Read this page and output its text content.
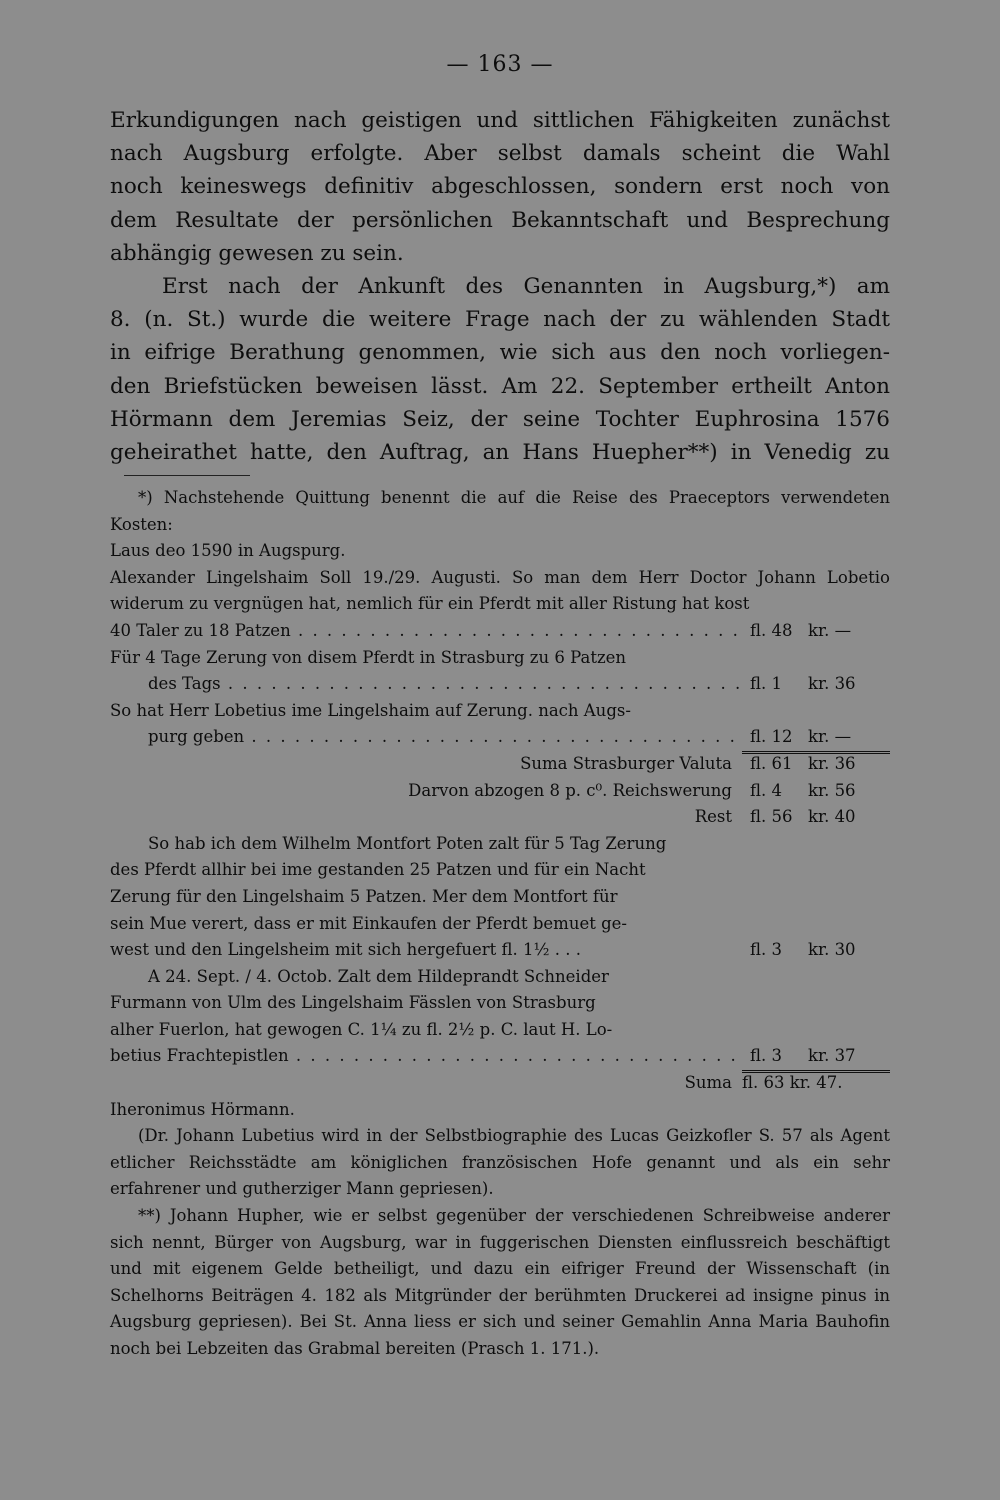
— 163 —

Erkundigungen nach geistigen und sittlichen Fähigkeiten zunächst
nach Augsburg erfolgte. Aber selbst damals scheint die Wahl
noch keineswegs definitiv abgeschlossen, sondern erst noch von
dem Resultate der persönlichen Bekanntschaft und Besprechung
abhängig gewesen zu sein.

Erst nach der Ankunft des Genannten in Augsburg,*) am
8. (n. St.) wurde die weitere Frage nach der zu wählenden Stadt
in eifrige Berathung genommen, wie sich aus den noch vorliegen-
den Briefstücken beweisen lässt. Am 22. September ertheilt Anton
Hörmann dem Jeremias Seiz, der seine Tochter Euphrosina 1576
geheirathet hatte, den Auftrag, an Hans Huepher**) in Venedig zu

*) Nachstehende Quittung benennt die auf die Reise des Praeceptors verwendeten Kosten:

Laus deo 1590 in Augspurg.

Alexander Lingelshaim Soll 19./29. Augusti. So man dem Herr Doctor Johann Lobetio widerum zu vergnügen hat, nemlich für ein Pferdt mit aller Ristung hat kost

40 Taler zu 18 Patzen . . .	fl. 48 kr. —
Für 4 Tage Zerung von disem Pferdt in Strasburg zu 6 Patzen
des Tags . . .	fl. 1	kr. 36
So hat Herr Lobetius ime Lingelshaim auf Zerung. nach Augs-
purg geben . . .	fl. 12 kr. —
Suma Strasburger Valuta	fl. 61 kr. 36
Darvon abzogen 8 p. c⁰. Reichswerung	fl. 4	kr. 56
Rest	fl. 56 kr. 40
So hab ich dem Wilhelm Montfort Poten zalt für 5 Tag Zerung
des Pferdt allhir bei ime gestanden 25 Patzen und für ein Nacht
Zerung für den Lingelshaim 5 Patzen. Mer dem Montfort für
sein Mue verert, dass er mit Einkaufen der Pferdt bemuet ge-
west und den Lingelsheim mit sich hergefuert fl. 1½ . . .	fl. 3	kr. 30
A 24. Sept. / 4. Octob. Zalt dem Hildeprandt Schneider
Furmann von Ulm des Lingelshaim Fässlen von Strasburg
alher Fuerlon, hat gewogen C. 1¼ zu fl. 2½ p. C. laut H. Lo-
betius Frachtepistlen . . .	fl. 3	kr. 37
Suma fl. 63 kr. 47.

Iheronimus Hörmann.

(Dr. Johann Lubetius wird in der Selbstbiographie des Lucas Geizkofler S. 57 als Agent etlicher Reichsstädte am königlichen französischen Hofe genannt und als ein sehr erfahrener und gutherziger Mann gepriesen).

**) Johann Hupher, wie er selbst gegenüber der verschiedenen Schreibweise anderer sich nennt, Bürger von Augsburg, war in fuggerischen Diensten einflussreich beschäftigt und mit eigenem Gelde betheiligt, und dazu ein eifriger Freund der Wissenschaft (in Schelhorns Beiträgen 4. 182 als Mitgründer der berühmten Druckerei ad insigne pinus in Augsburg gepriesen). Bei St. Anna liess er sich und seiner Gemahlin Anna Maria Bauhofin noch bei Lebzeiten das Grabmal bereiten (Prasch 1. 171.).
